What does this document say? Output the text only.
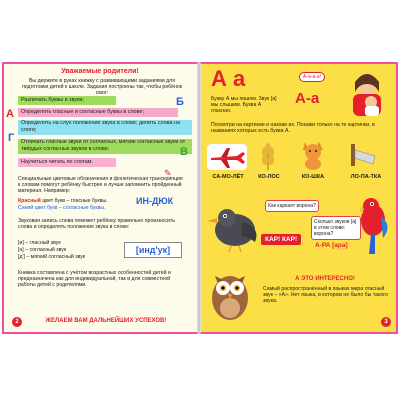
Уважаемые родители!
Вы держите в руках книжку с развивающими заданиями для подготовки детей к школе. Задания построены так, чтобы ребёнок смог:
Различать буквы и звуки;
Определять гласные и согласные буквы в слове;
Определять на слух положение звука в слове; делить слова на слоги;
Отличать гласные звуки от согласных, мягкие согласные звуки от твёрдых согласных звуков в слове;
Научиться читать по слогам.
А
Б
В
Г
✎
Специальные цветовые обозначения и фонетическая транскрипция к словам помогут ребёнку быстрее и лучше запомнить пройденный материал. Например:
Красный цвет букв – гласные буквы.
Синий цвет букв – согласные буквы.
ИН-ДЮК
Звуковая запись слова поможет ребёнку правильно произносить слова и определять положение звука в слове:
[и] – гласный звук
[н] – согласный звук
[д'] – мягкий согласный звук
[инд'ук]
Книжка составлена с учётом возрастных особенностей детей и предназначена как для индивидуальной, так и для совместной работы детей с родителями.
2	ЖЕЛАЕМ ВАМ ДАЛЬНЕЙШИХ УСПЕХОВ!
А а	А-а-а-а!
Букву А мы пишем. Звук [а] мы слышим. Буква А гласная.
А-а
Посмотри на картинки и назови их. Покажи только на те картинки, в названиях которых есть буква А.
СА-МО-ЛЁТ	КО-ЛОС	КО-ШКА	ЛО-ПА-ТКА
Как каркает ворона?
КАР! КАР!
Сколько звуков [а] в этом слове: ворона?
А-РА [ара]
А ЭТО ИНТЕРЕСНО!
Самый распространённый в языках мира гласный звук – «А». Нет языка, в котором не было бы такого звука.
3
